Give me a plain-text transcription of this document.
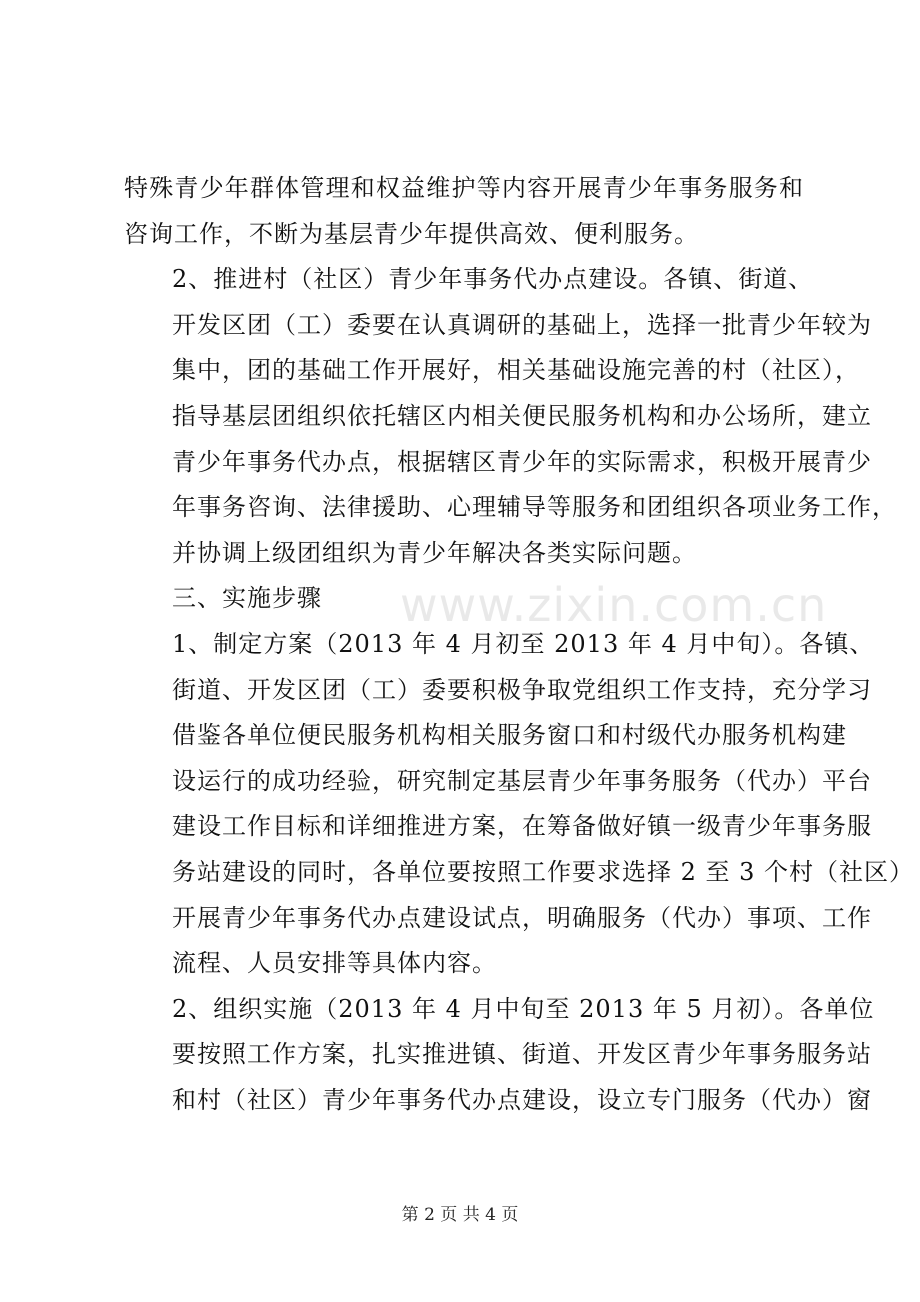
特殊青少年群体管理和权益维护等内容开展青少年事务服务和
咨询工作，不断为基层青少年提供高效、便利服务。

2、推进村（社区）青少年事务代办点建设。各镇、街道、
开发区团（工）委要在认真调研的基础上，选择一批青少年较为
集中，团的基础工作开展好，相关基础设施完善的村（社区），
指导基层团组织依托辖区内相关便民服务机构和办公场所，建立
青少年事务代办点，根据辖区青少年的实际需求，积极开展青少
年事务咨询、法律援助、心理辅导等服务和团组织各项业务工作，
并协调上级团组织为青少年解决各类实际问题。

三、实施步骤

1、制定方案（2013 年 4 月初至 2013 年 4 月中旬）。各镇、
街道、开发区团（工）委要积极争取党组织工作支持，充分学习
借鉴各单位便民服务机构相关服务窗口和村级代办服务机构建
设运行的成功经验，研究制定基层青少年事务服务（代办）平台
建设工作目标和详细推进方案，在筹备做好镇一级青少年事务服
务站建设的同时，各单位要按照工作要求选择 2 至 3 个村（社区）
开展青少年事务代办点建设试点，明确服务（代办）事项、工作
流程、人员安排等具体内容。

2、组织实施（2013 年 4 月中旬至 2013 年 5 月初）。各单位
要按照工作方案，扎实推进镇、街道、开发区青少年事务服务站
和村（社区）青少年事务代办点建设，设立专门服务（代办）窗

www.zixin.com.cn
第 2 页 共 4 页
